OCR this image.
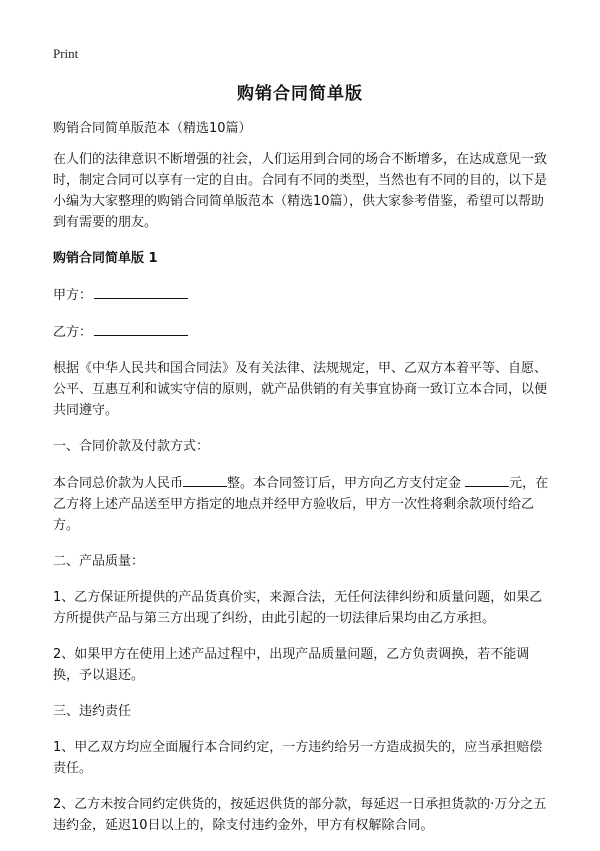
Print
购销合同简单版

购销合同简单版范本（精选10篇）

在人们的法律意识不断增强的社会，人们运用到合同的场合不断增多，在达成意见一致时，制定合同可以享有一定的自由。合同有不同的类型，当然也有不同的目的，以下是小编为大家整理的购销合同简单版范本（精选10篇），供大家参考借鉴，希望可以帮助到有需要的朋友。

购销合同简单版 1

甲方：

乙方：

根据《中华人民共和国合同法》及有关法律、法规规定，甲、乙双方本着平等、自愿、公平、互惠互利和诚实守信的原则，就产品供销的有关事宜协商一致订立本合同，以便共同遵守。

一、合同价款及付款方式：

本合同总价款为人民币	整。本合同签订后，甲方向乙方支付定金	元，在乙方将上述产品送至甲方指定的地点并经甲方验收后，甲方一次性将剩余款项付给乙方。

二、产品质量：

1、乙方保证所提供的产品货真价实，来源合法，无任何法律纠纷和质量问题，如果乙方所提供产品与第三方出现了纠纷，由此引起的一切法律后果均由乙方承担。

2、如果甲方在使用上述产品过程中，出现产品质量问题，乙方负责调换，若不能调换，予以退还。

三、违约责任

1、甲乙双方均应全面履行本合同约定，一方违约给另一方造成损失的，应当承担赔偿责任。

2、乙方未按合同约定供货的，按延迟供货的部分款，每延迟一日承担货款的·万分之五违约金，延迟10日以上的，除支付违约金外，甲方有权解除合同。
